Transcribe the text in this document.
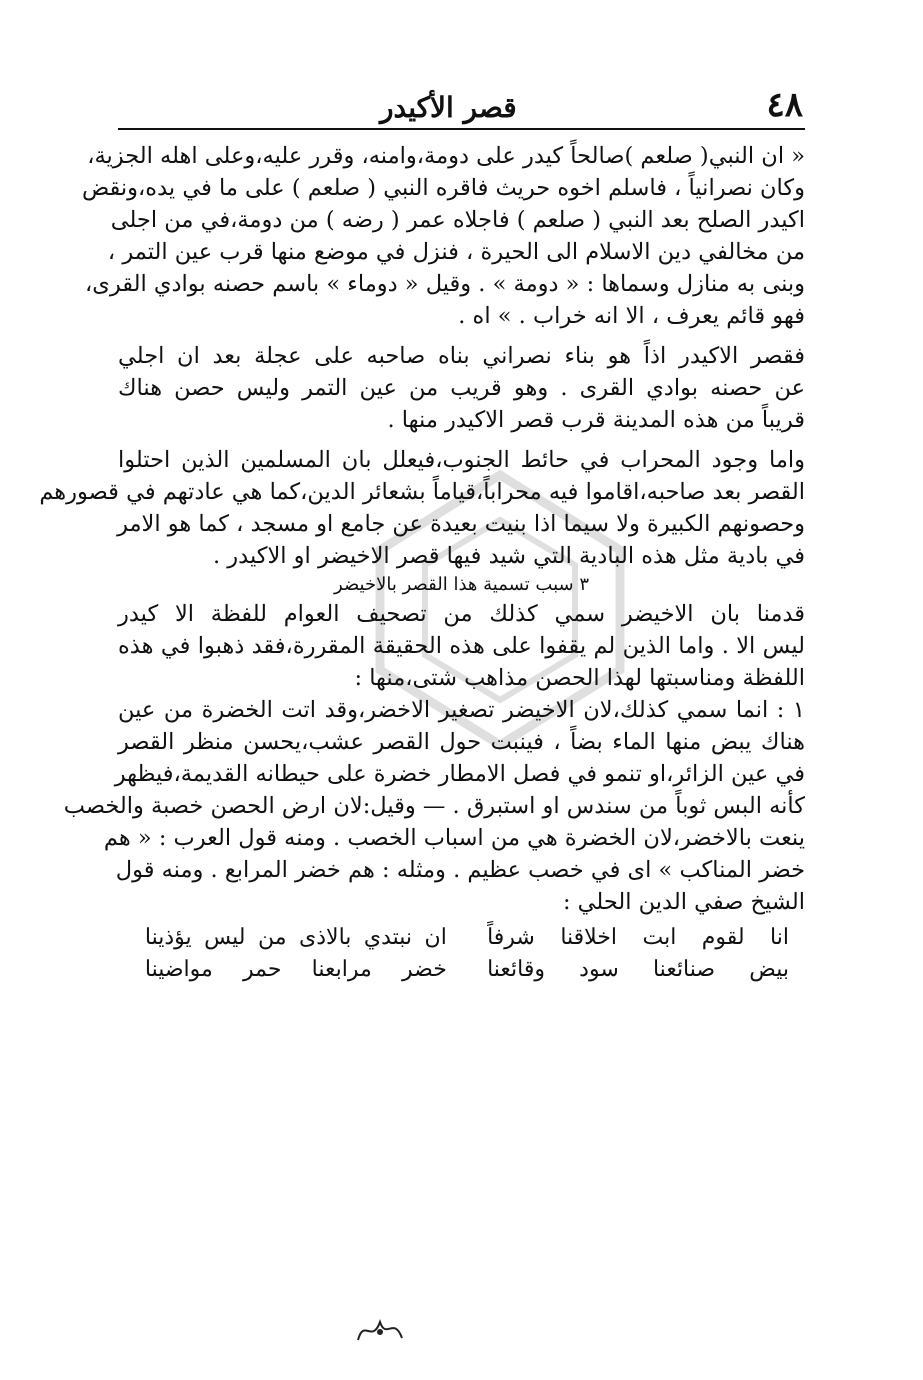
٤٨
قصر الأكيدر
« ان النبي( صلعم )صالحاً كيدر على دومة،وامنه، وقرر عليه،وعلى اهله الجزية،
وكان نصرانياً ، فاسلم اخوه حريث فاقره النبي ( صلعم ) على ما في يده،ونقض
اكيدر الصلح بعد النبي ( صلعم ) فاجلاه عمر ( رضه ) من دومة،في من اجلى
من مخالفي دين الاسلام الى الحيرة ، فنزل في موضع منها قرب عين التمر ،
وبنى به منازل وسماها : « دومة » . وقيل « دوماء » باسم حصنه بوادي القرى،
فهو قائم يعرف ، الا انه خراب . » اه .
فقصر الاكيدر اذاً هو بناء نصراني بناه صاحبه على عجلة بعد ان اجلي
عن حصنه بوادي القرى . وهو قريب من عين التمر وليس حصن هناك
قريباً من هذه المدينة قرب قصر الاكيدر منها .
واما وجود المحراب في حائط الجنوب،فيعلل بان المسلمين الذين احتلوا
القصر بعد صاحبه،اقاموا فيه محراباً،قياماً بشعائر الدين،كما هي عادتهم في قصورهم
وحصونهم الكبيرة ولا سيما اذا بنيت بعيدة عن جامع او مسجد ، كما هو الامر
في بادية مثل هذه البادية التي شيد فيها قصر الاخيضر او الاكيدر .
٣ سبب تسمية هذا القصر بالاخيضر
قدمنا بان الاخيضر سمي كذلك من تصحيف العوام للفظة الا كيدر
ليس الا . واما الذين لم يقفوا على هذه الحقيقة المقررة،فقد ذهبوا في هذه
اللفظة ومناسبتها لهذا الحصن مذاهب شتى،منها :
١ : انما سمي كذلك،لان الاخيضر تصغير الاخضر،وقد اتت الخضرة من عين
هناك يبض منها الماء بضاً ، فينبت حول القصر عشب،يحسن منظر القصر
في عين الزائر،او تنمو في فصل الامطار خضرة على حيطانه القديمة،فيظهر
كأنه البس ثوباً من سندس او استبرق . — وقيل:لان ارض الحصن خصبة والخصب
ينعت بالاخضر،لان الخضرة هي من اسباب الخصب . ومنه قول العرب : « هم
خضر المناكب » اى في خصب عظيم . ومثله : هم خضر المرابع . ومنه قول
الشيخ صفي الدين الحلي :
انا لقوم ابت اخلاقنا شرفاً
ان نبتدي بالاذى من ليس يؤذينا
بيض صنائعنا سود وقائعنا
خضر مرابعنا حمر مواضينا
